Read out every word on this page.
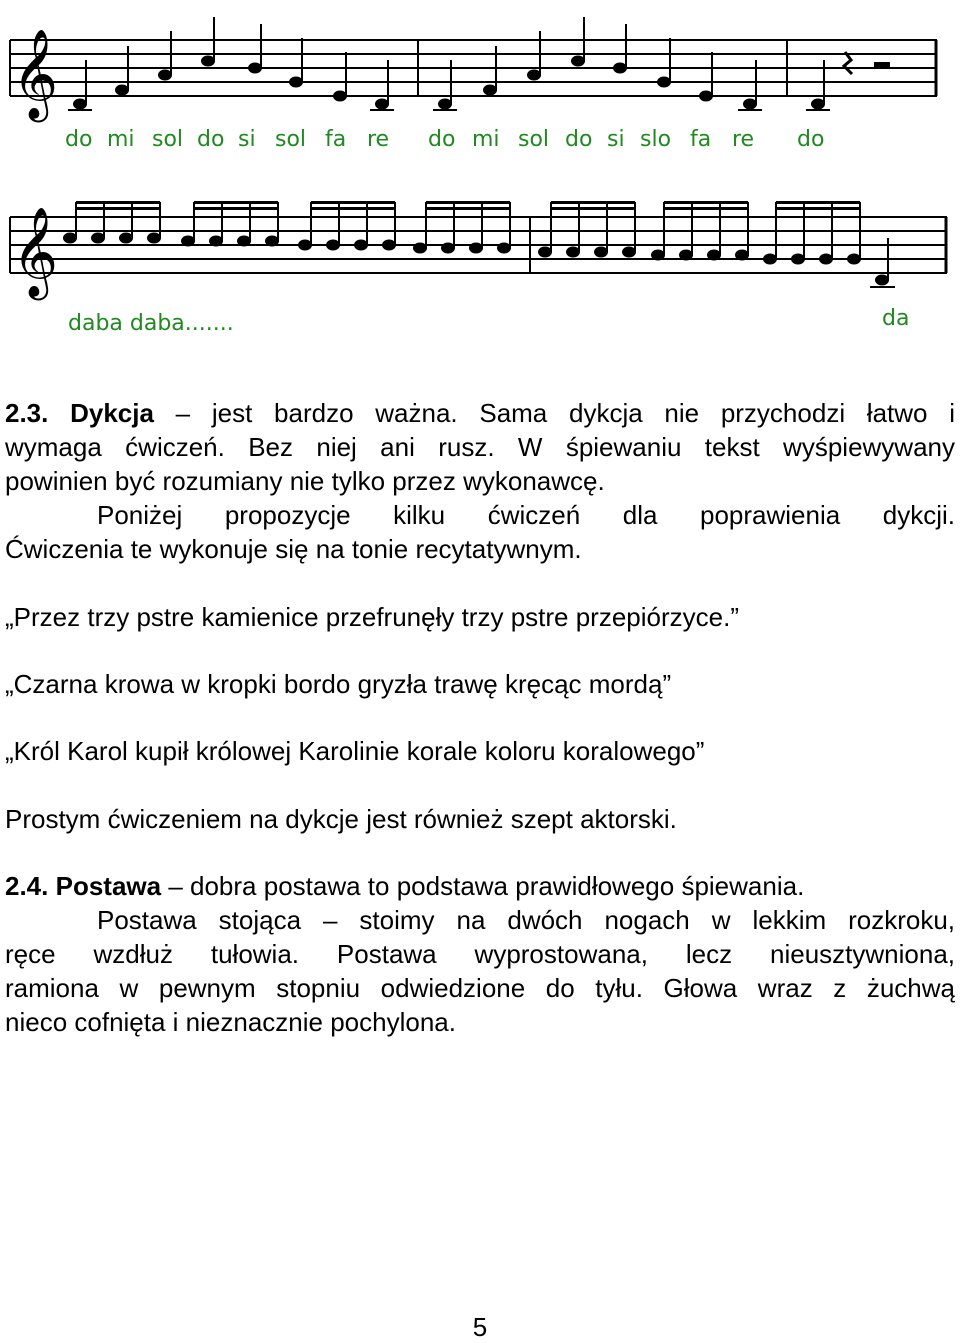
𝄞
do mi sol do si sol fa re do mi sol do si slo fa re do
𝄞
daba daba.......	da

2.3. Dykcja – jest bardzo ważna. Sama dykcja nie przychodzi łatwo i

wymaga ćwiczeń. Bez niej ani rusz. W śpiewaniu tekst wyśpiewywany

powinien być rozumiany nie tylko przez wykonawcę.

Poniżej propozycje kilku ćwiczeń dla poprawienia dykcji.

Ćwiczenia te wykonuje się na tonie recytatywnym.

„Przez trzy pstre kamienice przefrunęły trzy pstre przepiórzyce.”

„Czarna krowa w kropki bordo gryzła trawę kręcąc mordą”

„Król Karol kupił królowej Karolinie korale koloru koralowego”

Prostym ćwiczeniem na dykcje jest również szept aktorski.

2.4. Postawa – dobra postawa to podstawa prawidłowego śpiewania.

Postawa stojąca – stoimy na dwóch nogach w lekkim rozkroku,

ręce wzdłuż tułowia. Postawa wyprostowana, lecz nieusztywniona,

ramiona w pewnym stopniu odwiedzione do tyłu. Głowa wraz z żuchwą

nieco cofnięta i nieznacznie pochylona.

5
